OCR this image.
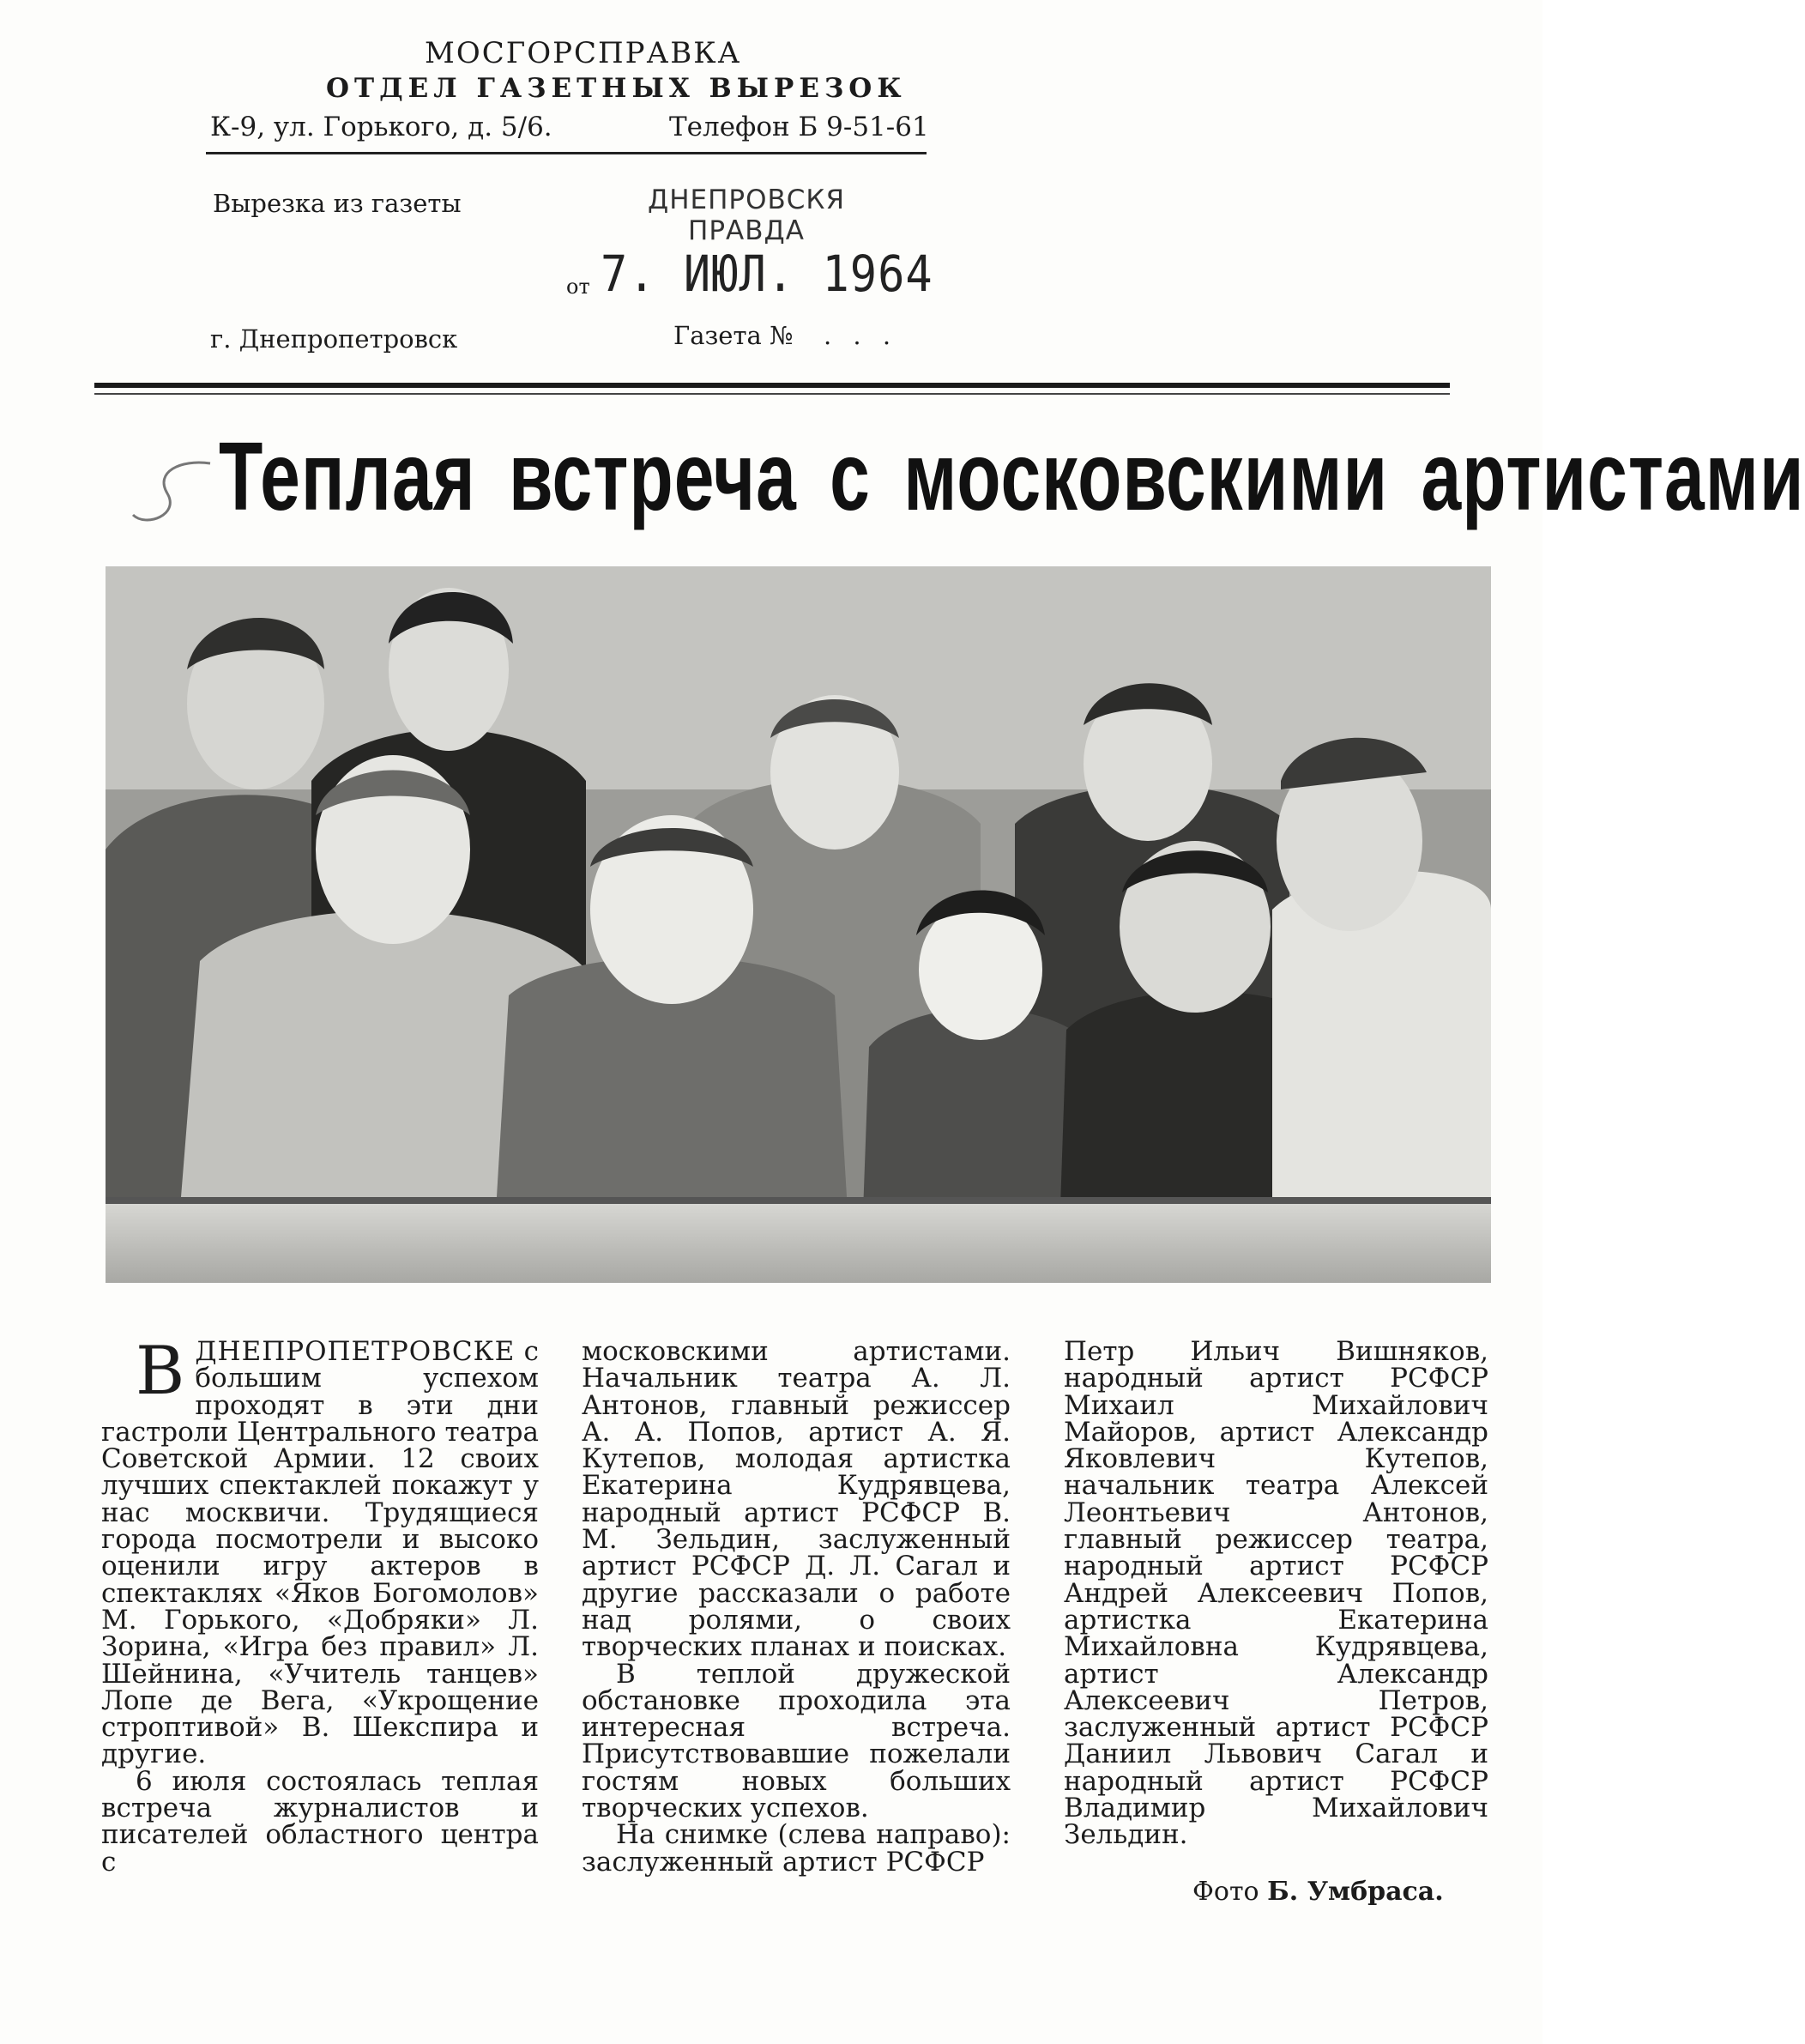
МОСГОРСПРАВКА
ОТДЕЛ ГАЗЕТНЫХ ВЫРЕЗОК
К-9, ул. Горького, д. 5/6.	Телефон Б 9-51-61
Вырезка из газеты	ДНЕПРОВСКЯ
ПРАВДА
от 7. ИЮЛ. 1964
г. Днепропетровск	Газета № . . .
Теплая встреча с московскими артистами

ВДНЕПРОПЕТРОВСКЕ с большим успехом проходят в эти дни гастроли Центрального театра Советской Армии. 12 своих лучших спектаклей покажут у нас москвичи. Трудящиеся города посмотрели и высоко оценили игру актеров в спектаклях «Яков Богомолов» М. Горького, «Добряки» Л. Зорина, «Игра без правил» Л. Шейнина, «Учитель танцев» Лопе де Вега, «Укрощение строптивой» В. Шекспира и другие.

6 июля состоялась теплая встреча журналистов и писателей областного центра с

московскими артистами. Начальник театра А. Л. Антонов, главный режиссер А. А. Попов, артист А. Я. Кутепов, молодая артистка Екатерина Кудрявцева, народный артист РСФСР В. М. Зельдин, заслуженный артист РСФСР Д. Л. Сагал и другие рассказали о работе над ролями, о своих творческих планах и поисках.

В теплой дружеской обстановке проходила эта интересная встреча. Присутствовавшие пожелали гостям новых больших творческих успехов.

На снимке (слева направо): заслуженный артист РСФСР

Петр Ильич Вишняков, народный артист РСФСР Михаил Михайлович Майоров, артист Александр Яковлевич Кутепов, начальник театра Алексей Леонтьевич Антонов, главный режиссер театра, народный артист РСФСР Андрей Алексеевич Попов, артистка Екатерина Михайловна Кудрявцева, артист Александр Алексеевич Петров, заслуженный артист РСФСР Даниил Львович Сагал и народный артист РСФСР Владимир Михайлович Зельдин.

Фото Б. Умбраса.
